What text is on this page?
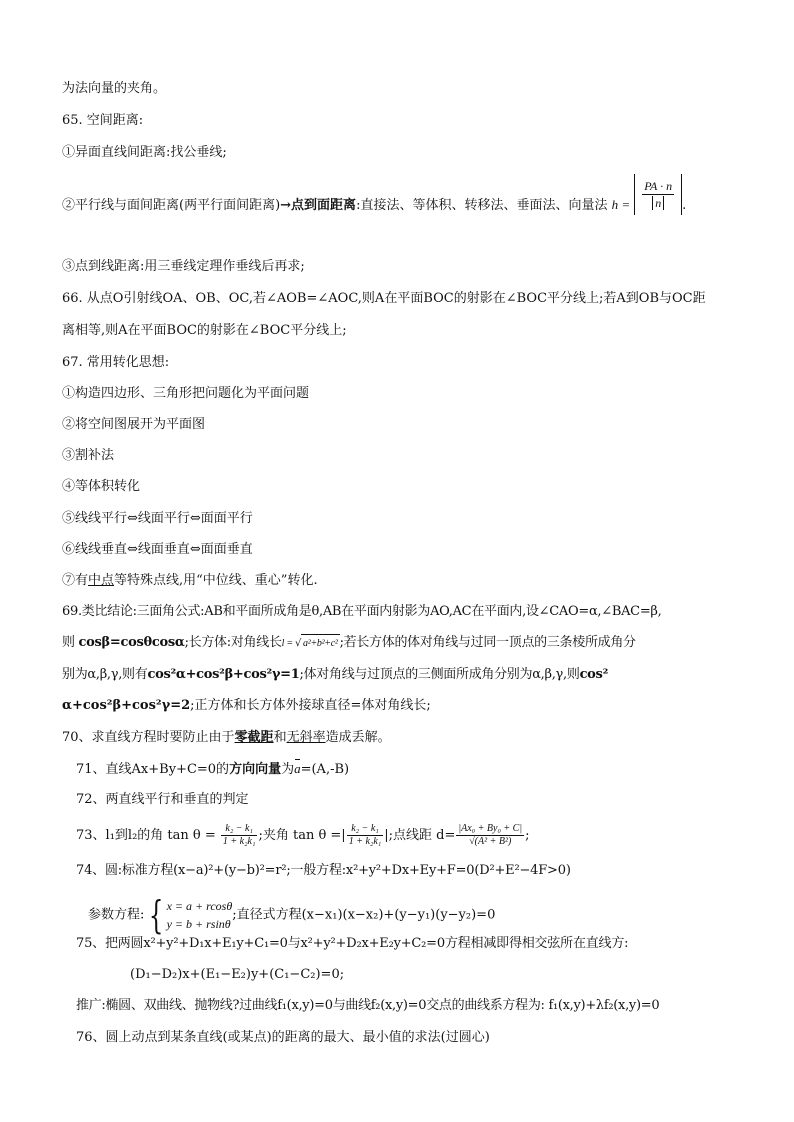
为法向量的夹角。
65. 空间距离:
①异面直线间距离:找公垂线;
②平行线与面间距离(两平行面间距离)→点到面距离:直接法、等体积、转移法、垂面法、向量法 $h = \frac{PA \cdot n}{n}$ .
③点到线距离:用三垂线定理作垂线后再求;
66. 从点O引射线OA、OB、OC,若∠AOB=∠AOC,则A在平面BOC的射影在∠BOC平分线上;若A到OB与OC距
离相等,则A在平面BOC的射影在∠BOC平分线上;
67. 常用转化思想:
①构造四边形、三角形把问题化为平面问题
②将空间图展开为平面图
③割补法
④等体积转化
⑤线线平行⇔线面平行⇔面面平行
⑥线线垂直⇔线面垂直⇔面面垂直
⑦有中点等特殊点线,用“中位线、重心”转化.
69.类比结论:三面角公式:AB和平面所成角是θ,AB在平面内射影为AO,AC在平面内,设∠CAO=α,∠BAC=β,
则 cosβ=cosθcosα;长方体:对角线长l = √ a²+b²+c² ;若长方体的体对角线与过同一顶点的三条棱所成角分
别为α,β,γ,则有cos²α+cos²β+cos²γ=1;体对角线与过顶点的三侧面所成角分别为α,β,γ,则cos²
α+cos²β+cos²γ=2;正方体和长方体外接球直径=体对角线长;
70、求直线方程时要防止由于零截距和无斜率造成丢解。
71、直线Ax+By+C=0的方向向量为a=(A,-B)
72、两直线平行和垂直的判定
73、l₁到l₂的角 $\tan \theta = \frac{\text{k₂ − k₁}}{\text{1 + k₂k₁}}$ ;夹角 tan θ =| $\frac{\text{k₂ − k₁}}{\text{1 + k₂k₁}}$ |;点线距 $d= \frac{\text{|Ax₀ + By₀ + C|}}{\text{√(A² + B²)}}$ ;
74、圆:标准方程(x−a)²+(y−b)²=r²;一般方程:x²+y²+Dx+Ey+F=0(D²+E²−4F>0)
参数方程: { x = a + rcosθ
y = b + rsinθ
;直径式方程(x−x₁)(x−x₂)+(y−y₁)(y−y₂)=0
75、把两圆x²+y²+D₁x+E₁y+C₁=0与x²+y²+D₂x+E₂y+C₂=0方程相减即得相交弦所在直线方:
(D₁−D₂)x+(E₁−E₂)y+(C₁−C₂)=0;
推广:椭圆、双曲线、抛物线?过曲线f₁(x,y)=0与曲线f₂(x,y)=0交点的曲线系方程为: f₁(x,y)+λf₂(x,y)=0
76、圆上动点到某条直线(或某点)的距离的最大、最小值的求法(过圆心)
